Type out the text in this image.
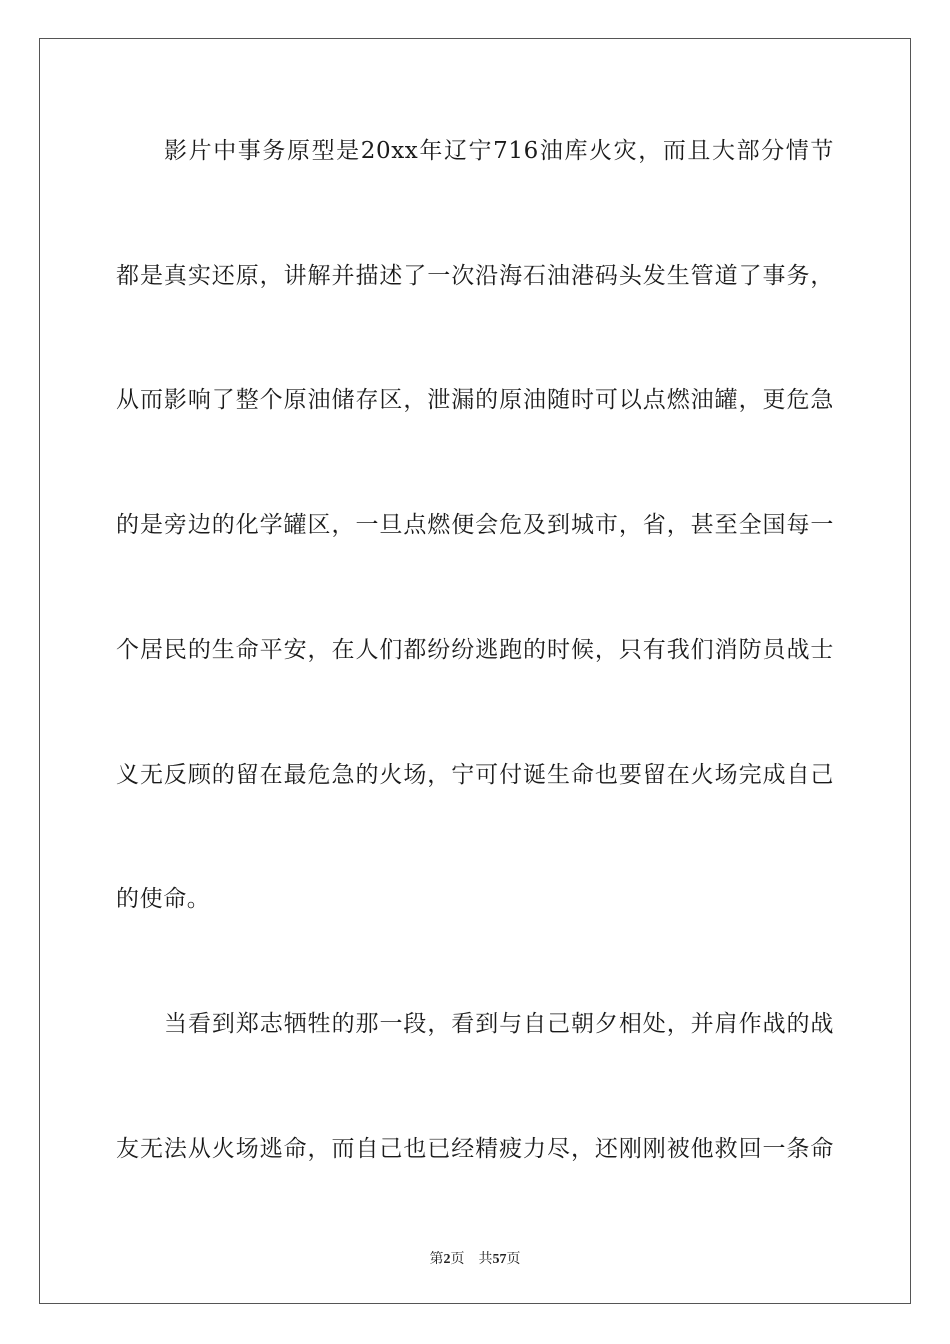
影片中事务原型是20xx年辽宁716油库火灾，而且大部分情节
都是真实还原，讲解并描述了一次沿海石油港码头发生管道了事务，
从而影响了整个原油储存区，泄漏的原油随时可以点燃油罐，更危急
的是旁边的化学罐区，一旦点燃便会危及到城市，省，甚至全国每一
个居民的生命平安，在人们都纷纷逃跑的时候，只有我们消防员战士
义无反顾的留在最危急的火场，宁可付诞生命也要留在火场完成自己
的使命。
当看到郑志牺牲的那一段，看到与自己朝夕相处，并肩作战的战
友无法从火场逃命，而自己也已经精疲力尽，还刚刚被他救回一条命
第2页 共57页
